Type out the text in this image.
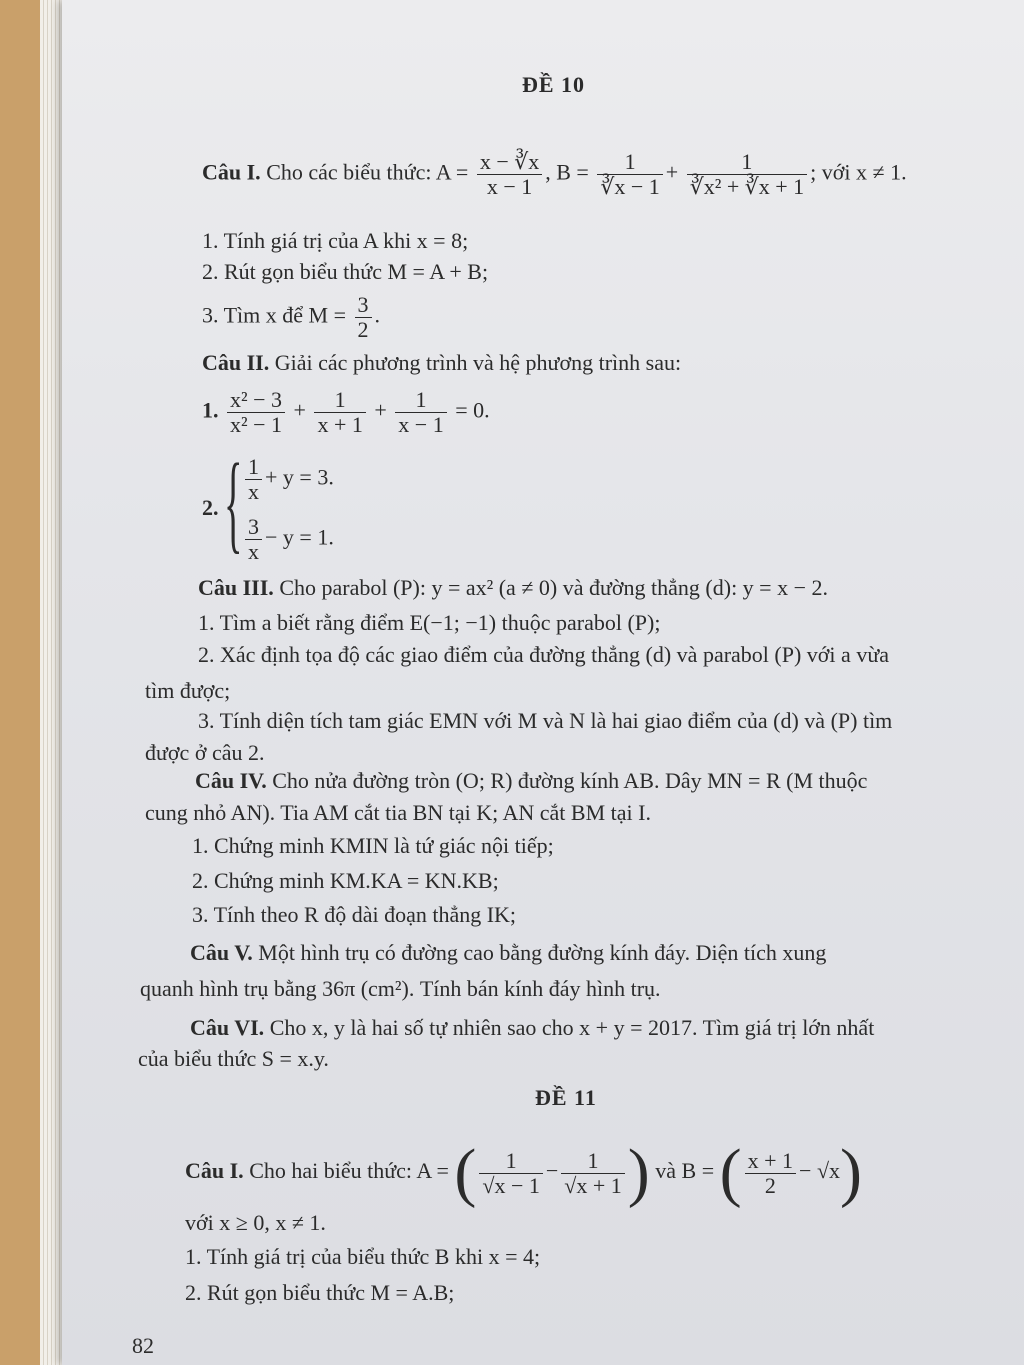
ĐỀ 10
Câu I. Cho các biểu thức: $A = \frac{x - ∛x}{x - 1}$ , $B = \frac{1}{∛x - 1} + \frac{1}{\text{∛x² + ∛x + 1}}$ ; với x ≠ 1.
1. Tính giá trị của A khi x = 8;
2. Rút gọn biểu thức M = A + B;
3. Tìm x để $M = \frac{3}{2}$ .
Câu II. Giải các phương trình và hệ phương trình sau:
1. $\frac{\text{x² − 3}}{\text{x² − 1}} + \frac{1}{x + 1} + \frac{1}{x - 1} = 0$.
2. { $\frac{1}{x} + y = 3$.
$\frac{3}{x} - y = 1$.
Câu III. Cho parabol (P): y = ax² (a ≠ 0) và đường thẳng (d): y = x − 2.
1. Tìm a biết rằng điểm E(−1; −1) thuộc parabol (P);
2. Xác định tọa độ các giao điểm của đường thẳng (d) và parabol (P) với a vừa
tìm được;
3. Tính diện tích tam giác EMN với M và N là hai giao điểm của (d) và (P) tìm
được ở câu 2.
Câu IV. Cho nửa đường tròn (O; R) đường kính AB. Dây MN = R (M thuộc
cung nhỏ AN). Tia AM cắt tia BN tại K; AN cắt BM tại I.
1. Chứng minh KMIN là tứ giác nội tiếp;
2. Chứng minh KM.KA = KN.KB;
3. Tính theo R độ dài đoạn thẳng IK;
Câu V. Một hình trụ có đường cao bằng đường kính đáy. Diện tích xung
quanh hình trụ bằng 36π (cm²). Tính bán kính đáy hình trụ.
Câu VI. Cho x, y là hai số tự nhiên sao cho x + y = 2017. Tìm giá trị lớn nhất
của biểu thức S = x.y.
ĐỀ 11
Câu I. Cho hai biểu thức: A = ( $\frac{1}{√x - 1} - \frac{1}{√x + 1}$ ) và B = ( $\frac{x + 1}{2} - √x$)
với x ≥ 0, x ≠ 1.
1. Tính giá trị của biểu thức B khi x = 4;
2. Rút gọn biểu thức M = A.B;
82
